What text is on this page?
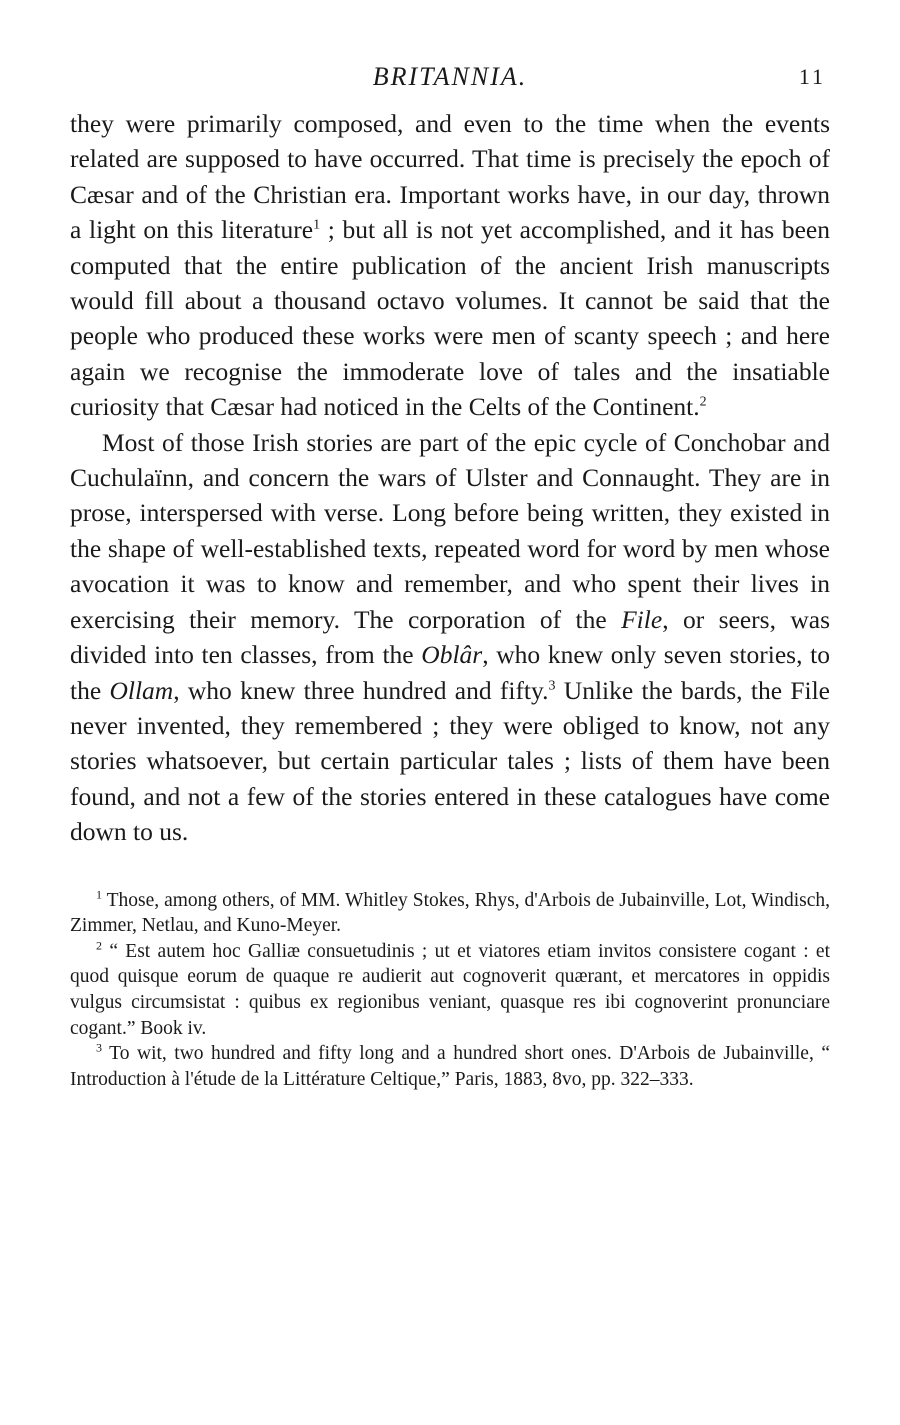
BRITANNIA.	11

they were primarily composed, and even to the time when the events related are supposed to have occurred. That time is precisely the epoch of Cæsar and of the Christian era. Important works have, in our day, thrown a light on this literature$^1$ ; but all is not yet accomplished, and it has been computed that the entire publication of the ancient Irish manuscripts would fill about a thousand octavo volumes. It cannot be said that the people who produced these works were men of scanty speech ; and here again we recognise the immoderate love of tales and the insatiable curiosity that Cæsar had noticed in the Celts of the Continent.$^2$

Most of those Irish stories are part of the epic cycle of Conchobar and Cuchulaïnn, and concern the wars of Ulster and Connaught. They are in prose, interspersed with verse. Long before being written, they existed in the shape of well-established texts, repeated word for word by men whose avocation it was to know and remember, and who spent their lives in exercising their memory. The corporation of the File, or seers, was divided into ten classes, from the Oblâr, who knew only seven stories, to the Ollam, who knew three hundred and fifty.$^3$ Unlike the bards, the File never invented, they remembered ; they were obliged to know, not any stories whatsoever, but certain particular tales ; lists of them have been found, and not a few of the stories entered in these catalogues have come down to us.

$^1$ Those, among others, of MM. Whitley Stokes, Rhys, d'Arbois de Jubainville, Lot, Windisch, Zimmer, Netlau, and Kuno-Meyer.

$^2$ “ Est autem hoc Galliæ consuetudinis ; ut et viatores etiam invitos consistere cogant : et quod quisque eorum de quaque re audierit aut cognoverit quærant, et mercatores in oppidis vulgus circumsistat : quibus ex regionibus veniant, quasque res ibi cognoverint pronunciare cogant.” Book iv.

$^3$ To wit, two hundred and fifty long and a hundred short ones. D'Arbois de Jubainville, “ Introduction à l'étude de la Littérature Celtique,” Paris, 1883, 8vo, pp. 322–333.
